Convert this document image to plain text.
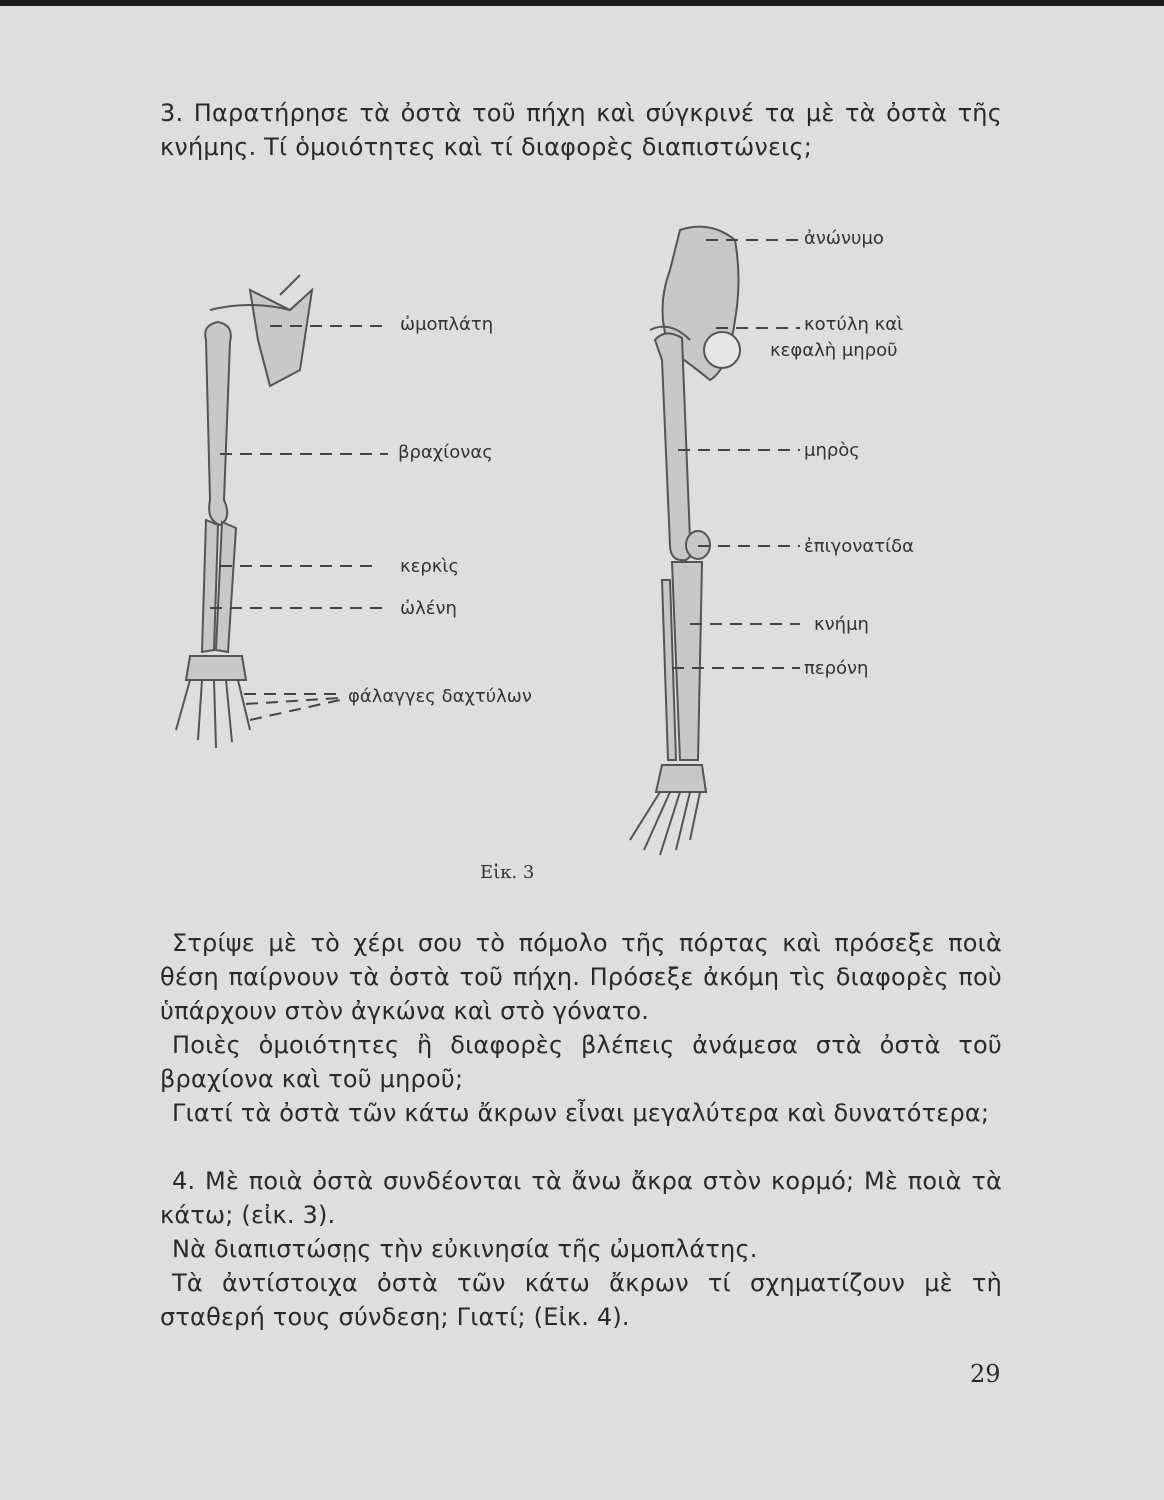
3. Παρατήρησε τὰ ὀστὰ τοῦ πήχη καὶ σύγκρινέ τα μὲ τὰ ὀστὰ τῆς κνήμης. Τί ὁμοιότητες καὶ τί διαφορὲς διαπιστώνεις;
ὠμοπλάτη
βραχίονας
κερκὶς
ὠλένη
φάλαγγες δαχτύλων
ἀνώνυμο
κοτύλη καὶ
κεφαλὴ μηροῦ
μηρὸς
ἐπιγονατίδα
κνήμη
περόνη
Εἰκ. 3
Στρίψε μὲ τὸ χέρι σου τὸ πόμολο τῆς πόρτας καὶ πρόσεξε ποιὰ θέση παίρνουν τὰ ὀστὰ τοῦ πήχη. Πρόσεξε ἀκόμη τὶς διαφορὲς ποὺ ὑπάρχουν στὸν ἀγκώνα καὶ στὸ γόνατο.
Ποιὲς ὁμοιότητες ἢ διαφορὲς βλέπεις ἀνάμεσα στὰ ὀστὰ τοῦ βραχίονα καὶ τοῦ μηροῦ;
Γιατί τὰ ὀστὰ τῶν κάτω ἄκρων εἶναι μεγαλύτερα καὶ δυνατότερα;
4. Μὲ ποιὰ ὀστὰ συνδέονται τὰ ἄνω ἄκρα στὸν κορμό; Μὲ ποιὰ τὰ κάτω; (εἰκ. 3).
Νὰ διαπιστώσῃς τὴν εὐκινησία τῆς ὠμοπλάτης.
Τὰ ἀντίστοιχα ὀστὰ τῶν κάτω ἄκρων τί σχηματίζουν μὲ τὴ σταθερή τους σύνδεση; Γιατί; (Εἰκ. 4).
29
